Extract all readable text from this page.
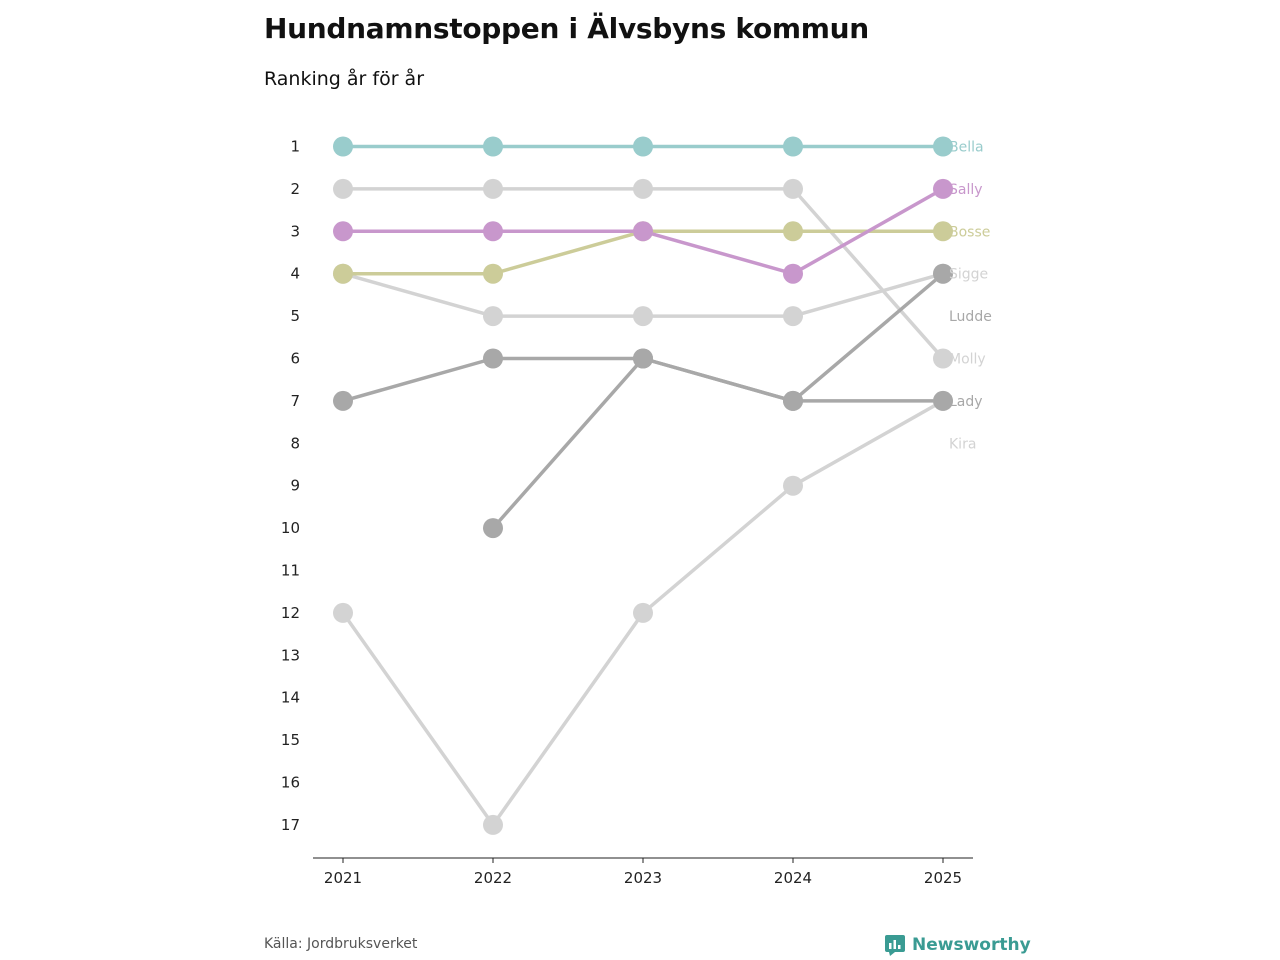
Hundnamnstoppen i Älvsbyns kommun
Ranking år för år
1
2
3
4
5
6
7
8
9
10
11
12
13
14
15
16
17
2021	2022	2023	2024	2025
Bella
Sally
Bosse
Sigge
Ludde
Molly
Lady
Kira
Källa: Jordbruksverket	Newsworthy
